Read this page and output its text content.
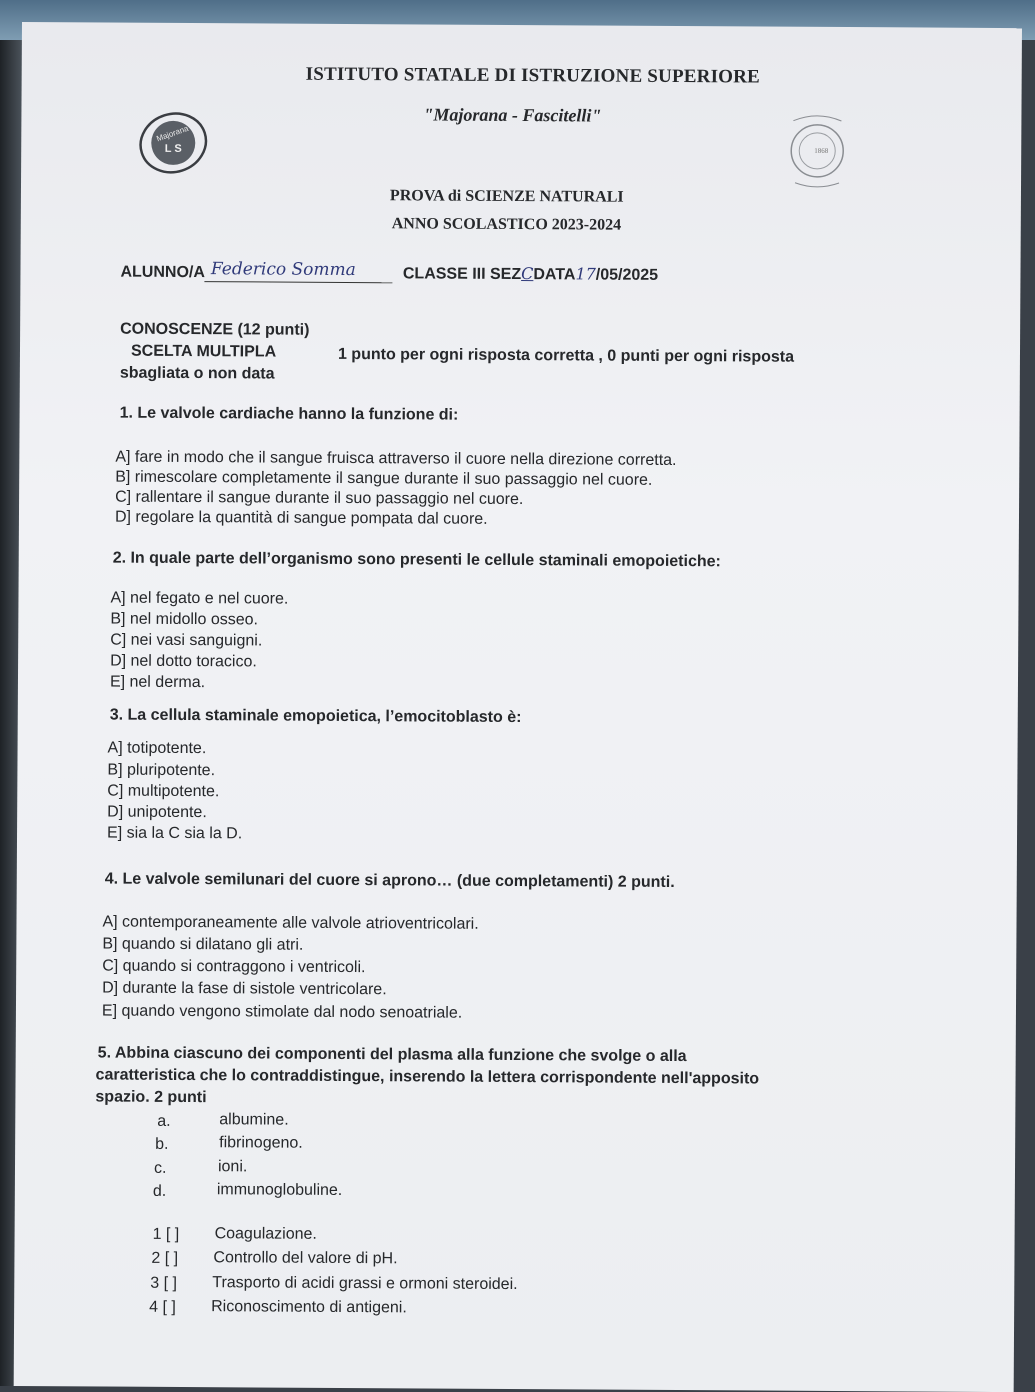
ISTITUTO STATALE DI ISTRUZIONE SUPERIORE
"Majorana - Fascitelli"
Majorana
L S	1868
PROVA di SCIENZE NATURALI
ANNO SCOLASTICO 2023-2024
ALUNNO/A Federico Somma	CLASSE III SEZCDATA17/05/2025
CONOSCENZE (12 punti)
SCELTA MULTIPLA	1 punto per ogni risposta corretta , 0 punti per ogni risposta
sbagliata o non data
1. Le valvole cardiache hanno la funzione di:
A] fare in modo che il sangue fruisca attraverso il cuore nella direzione corretta.
B] rimescolare completamente il sangue durante il suo passaggio nel cuore.
C] rallentare il sangue durante il suo passaggio nel cuore.
D] regolare la quantità di sangue pompata dal cuore.
2. In quale parte dell’organismo sono presenti le cellule staminali emopoietiche:
A] nel fegato e nel cuore.
B] nel midollo osseo.
C] nei vasi sanguigni.
D] nel dotto toracico.
E] nel derma.
3. La cellula staminale emopoietica, l’emocitoblasto è:
A] totipotente.
B] pluripotente.
C] multipotente.
D] unipotente.
E] sia la C sia la D.
4. Le valvole semilunari del cuore si aprono… (due completamenti) 2 punti.
A] contemporaneamente alle valvole atrioventricolari.
B] quando si dilatano gli atri.
C] quando si contraggono i ventricoli.
D] durante la fase di sistole ventricolare.
E] quando vengono stimolate dal nodo senoatriale.
5. Abbina ciascuno dei componenti del plasma alla funzione che svolge o alla
caratteristica che lo contraddistingue, inserendo la lettera corrispondente nell'apposito
spazio. 2 punti
a.	albumine.
b.	fibrinogeno.
c.	ioni.
d.	immunoglobuline.
1 [ ] Coagulazione.
2 [ ] Controllo del valore di pH.
3 [ ] Trasporto di acidi grassi e ormoni steroidei.
4 [ ] Riconoscimento di antigeni.
